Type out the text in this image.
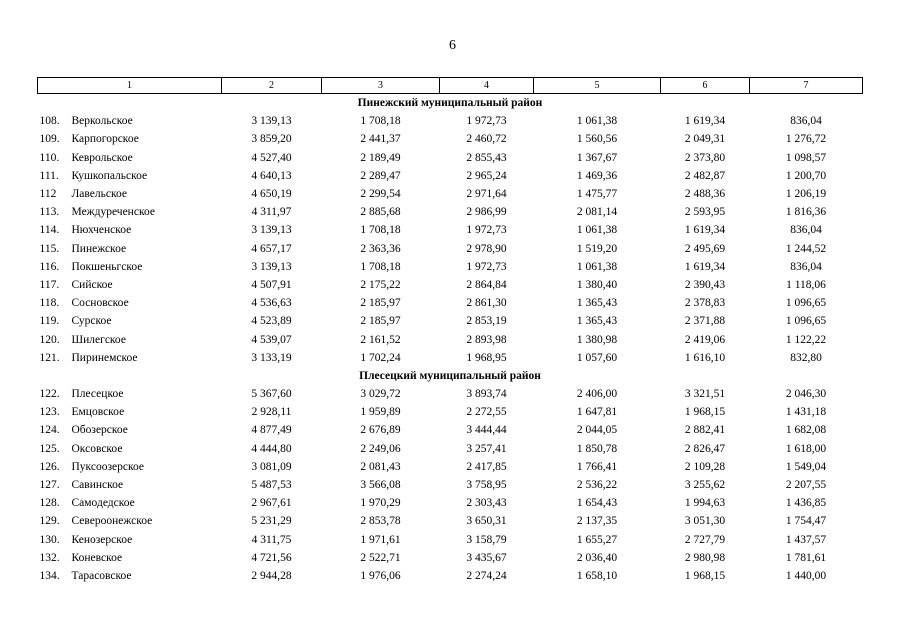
6
1	2	3	4	5	6	7
Пинежский муниципальный район						
108. Веркольское	3 139,13	1 708,18	1 972,73	1 061,38	1 619,34	836,04
109. Карпогорское	3 859,20	2 441,37	2 460,72	1 560,56	2 049,31	1 276,72
110. Кеврольское	4 527,40	2 189,49	2 855,43	1 367,67	2 373,80	1 098,57
111. Кушкопальское	4 640,13	2 289,47	2 965,24	1 469,36	2 482,87	1 200,70
112 Лавельское	4 650,19	2 299,54	2 971,64	1 475,77	2 488,36	1 206,19
113. Междуреченское	4 311,97	2 885,68	2 986,99	2 081,14	2 593,95	1 816,36
114. Нюхченское	3 139,13	1 708,18	1 972,73	1 061,38	1 619,34	836,04
115. Пинежское	4 657,17	2 363,36	2 978,90	1 519,20	2 495,69	1 244,52
116. Покшеньгское	3 139,13	1 708,18	1 972,73	1 061,38	1 619,34	836,04
117. Сийское	4 507,91	2 175,22	2 864,84	1 380,40	2 390,43	1 118,06
118. Сосновское	4 536,63	2 185,97	2 861,30	1 365,43	2 378,83	1 096,65
119. Сурское	4 523,89	2 185,97	2 853,19	1 365,43	2 371,88	1 096,65
120. Шилегское	4 539,07	2 161,52	2 893,98	1 380,98	2 419,06	1 122,22
121. Пиринемское	3 133,19	1 702,24	1 968,95	1 057,60	1 616,10	832,80
Плесецкий муниципальный район						
122. Плесецкое	5 367,60	3 029,72	3 893,74	2 406,00	3 321,51	2 046,30
123. Емцовское	2 928,11	1 959,89	2 272,55	1 647,81	1 968,15	1 431,18
124. Обозерское	4 877,49	2 676,89	3 444,44	2 044,05	2 882,41	1 682,08
125. Оксовское	4 444,80	2 249,06	3 257,41	1 850,78	2 826,47	1 618,00
126. Пуксоозерское	3 081,09	2 081,43	2 417,85	1 766,41	2 109,28	1 549,04
127. Савинское	5 487,53	3 566,08	3 758,95	2 536,22	3 255,62	2 207,55
128. Самодедское	2 967,61	1 970,29	2 303,43	1 654,43	1 994,63	1 436,85
129. Североонежское	5 231,29	2 853,78	3 650,31	2 137,35	3 051,30	1 754,47
130. Кенозерское	4 311,75	1 971,61	3 158,79	1 655,27	2 727,79	1 437,57
132. Коневское	4 721,56	2 522,71	3 435,67	2 036,40	2 980,98	1 781,61
134. Тарасовское	2 944,28	1 976,06	2 274,24	1 658,10	1 968,15	1 440,00
